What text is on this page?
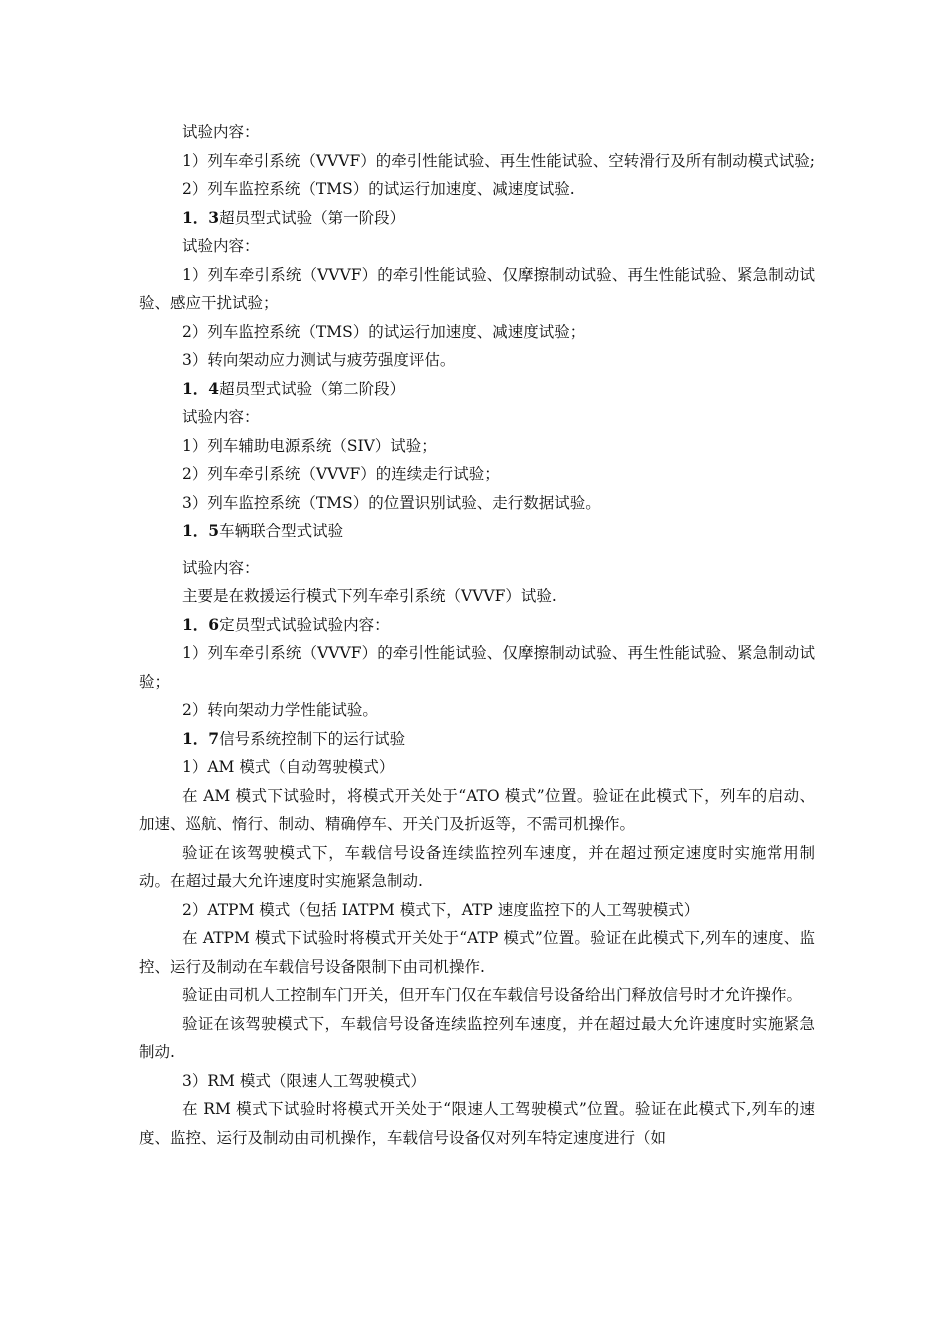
试验内容：

1）列车牵引系统（VVVF）的牵引性能试验、再生性能试验、空转滑行及所有制动模式试验;

2）列车监控系统（TMS）的试运行加速度、减速度试验.

1．3超员型式试验（第一阶段）

试验内容：

1）列车牵引系统（VVVF）的牵引性能试验、仅摩擦制动试验、再生性能试验、紧急制动试验、感应干扰试验；

2）列车监控系统（TMS）的试运行加速度、减速度试验；

3）转向架动应力测试与疲劳强度评估。

1．4超员型式试验（第二阶段）

试验内容：

1）列车辅助电源系统（SIV）试验；

2）列车牵引系统（VVVF）的连续走行试验；

3）列车监控系统（TMS）的位置识别试验、走行数据试验。

1．5车辆联合型式试验

试验内容：

主要是在救援运行模式下列车牵引系统（VVVF）试验.

1．6定员型式试验试验内容：

1）列车牵引系统（VVVF）的牵引性能试验、仅摩擦制动试验、再生性能试验、紧急制动试验；

2）转向架动力学性能试验。

1．7信号系统控制下的运行试验

1）AM 模式（自动驾驶模式）

在 AM 模式下试验时，将模式开关处于“ATO 模式”位置。验证在此模式下，列车的启动、加速、巡航、惰行、制动、精确停车、开关门及折返等，不需司机操作。

验证在该驾驶模式下，车载信号设备连续监控列车速度，并在超过预定速度时实施常用制动。在超过最大允许速度时实施紧急制动.

2）ATPM 模式（包括 IATPM 模式下，ATP 速度监控下的人工驾驶模式）

在 ATPM 模式下试验时将模式开关处于“ATP 模式”位置。验证在此模式下,列车的速度、监控、运行及制动在车载信号设备限制下由司机操作.

验证由司机人工控制车门开关，但开车门仅在车载信号设备给出门释放信号时才允许操作。

验证在该驾驶模式下，车载信号设备连续监控列车速度，并在超过最大允许速度时实施紧急制动.

3）RM 模式（限速人工驾驶模式）

在 RM 模式下试验时将模式开关处于“限速人工驾驶模式”位置。验证在此模式下,列车的速度、监控、运行及制动由司机操作，车载信号设备仅对列车特定速度进行（如
